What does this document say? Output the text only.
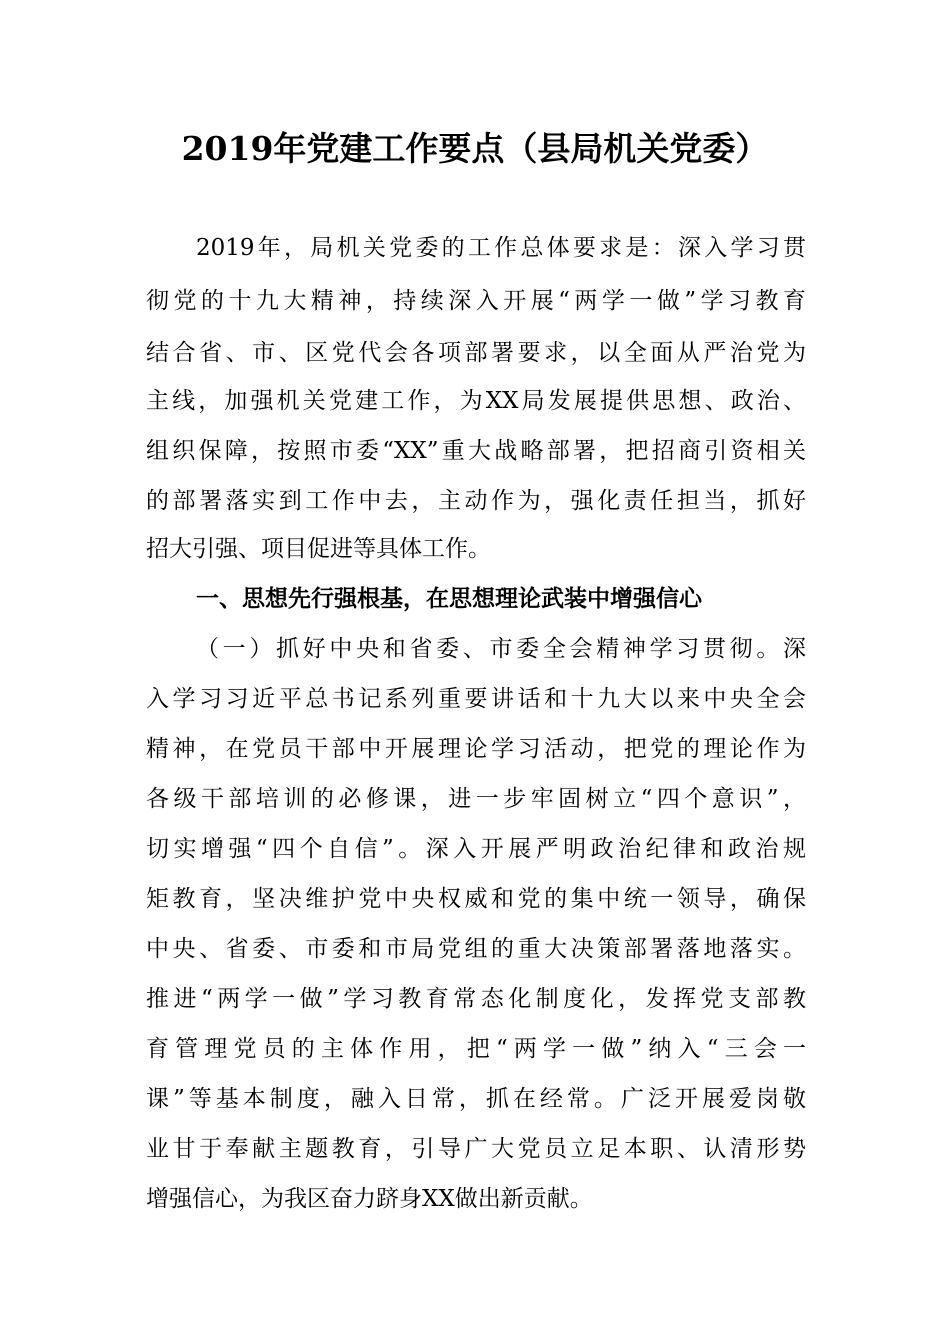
2019年党建工作要点（县局机关党委）
2019年，局机关党委的工作总体要求是：深入学习贯
彻党的十九大精神，持续深入开展“两学一做”学习教育
结合省、市、区党代会各项部署要求，以全面从严治党为
主线，加强机关党建工作，为XX局发展提供思想、政治、
组织保障，按照市委“XX”重大战略部署，把招商引资相关
的部署落实到工作中去，主动作为，强化责任担当，抓好
招大引强、项目促进等具体工作。
一、思想先行强根基，在思想理论武装中增强信心
（一）抓好中央和省委、市委全会精神学习贯彻。深
入学习习近平总书记系列重要讲话和十九大以来中央全会
精神，在党员干部中开展理论学习活动，把党的理论作为
各级干部培训的必修课，进一步牢固树立“四个意识”，
切实增强“四个自信”。深入开展严明政治纪律和政治规
矩教育，坚决维护党中央权威和党的集中统一领导，确保
中央、省委、市委和市局党组的重大决策部署落地落实。
推进“两学一做”学习教育常态化制度化，发挥党支部教
育管理党员的主体作用，把“两学一做”纳入“三会一
课”等基本制度，融入日常，抓在经常。广泛开展爱岗敬
业甘于奉献主题教育，引导广大党员立足本职、认清形势
增强信心，为我区奋力跻身XX做出新贡献。
